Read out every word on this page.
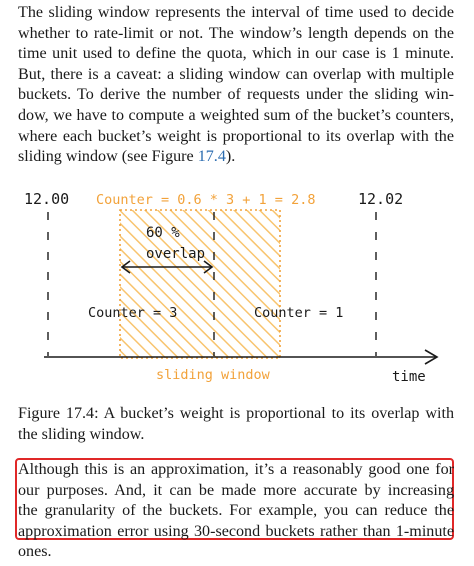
The sliding window represents the interval of time used to decide
whether to rate-limit or not. The window’s length depends on the
time unit used to define the quota, which in our case is 1 minute.
But, there is a caveat: a sliding window can overlap with multiple
buckets. To derive the number of requests under the sliding win-
dow, we have to compute a weighted sum of the bucket’s counters,
where each bucket’s weight is proportional to its overlap with the
sliding window (see Figure 17.4).
12.00	12.02
Counter = 0.6 * 3 + 1 = 2.8
60 %
overlap
Counter = 3	Counter = 1
sliding window	time
Figure 17.4: A bucket’s weight is proportional to its overlap with
the sliding window.
Although this is an approximation, it’s a reasonably good one for
our purposes. And, it can be made more accurate by increasing
the granularity of the buckets. For example, you can reduce the
approximation error using 30-second buckets rather than 1-minute
ones.
